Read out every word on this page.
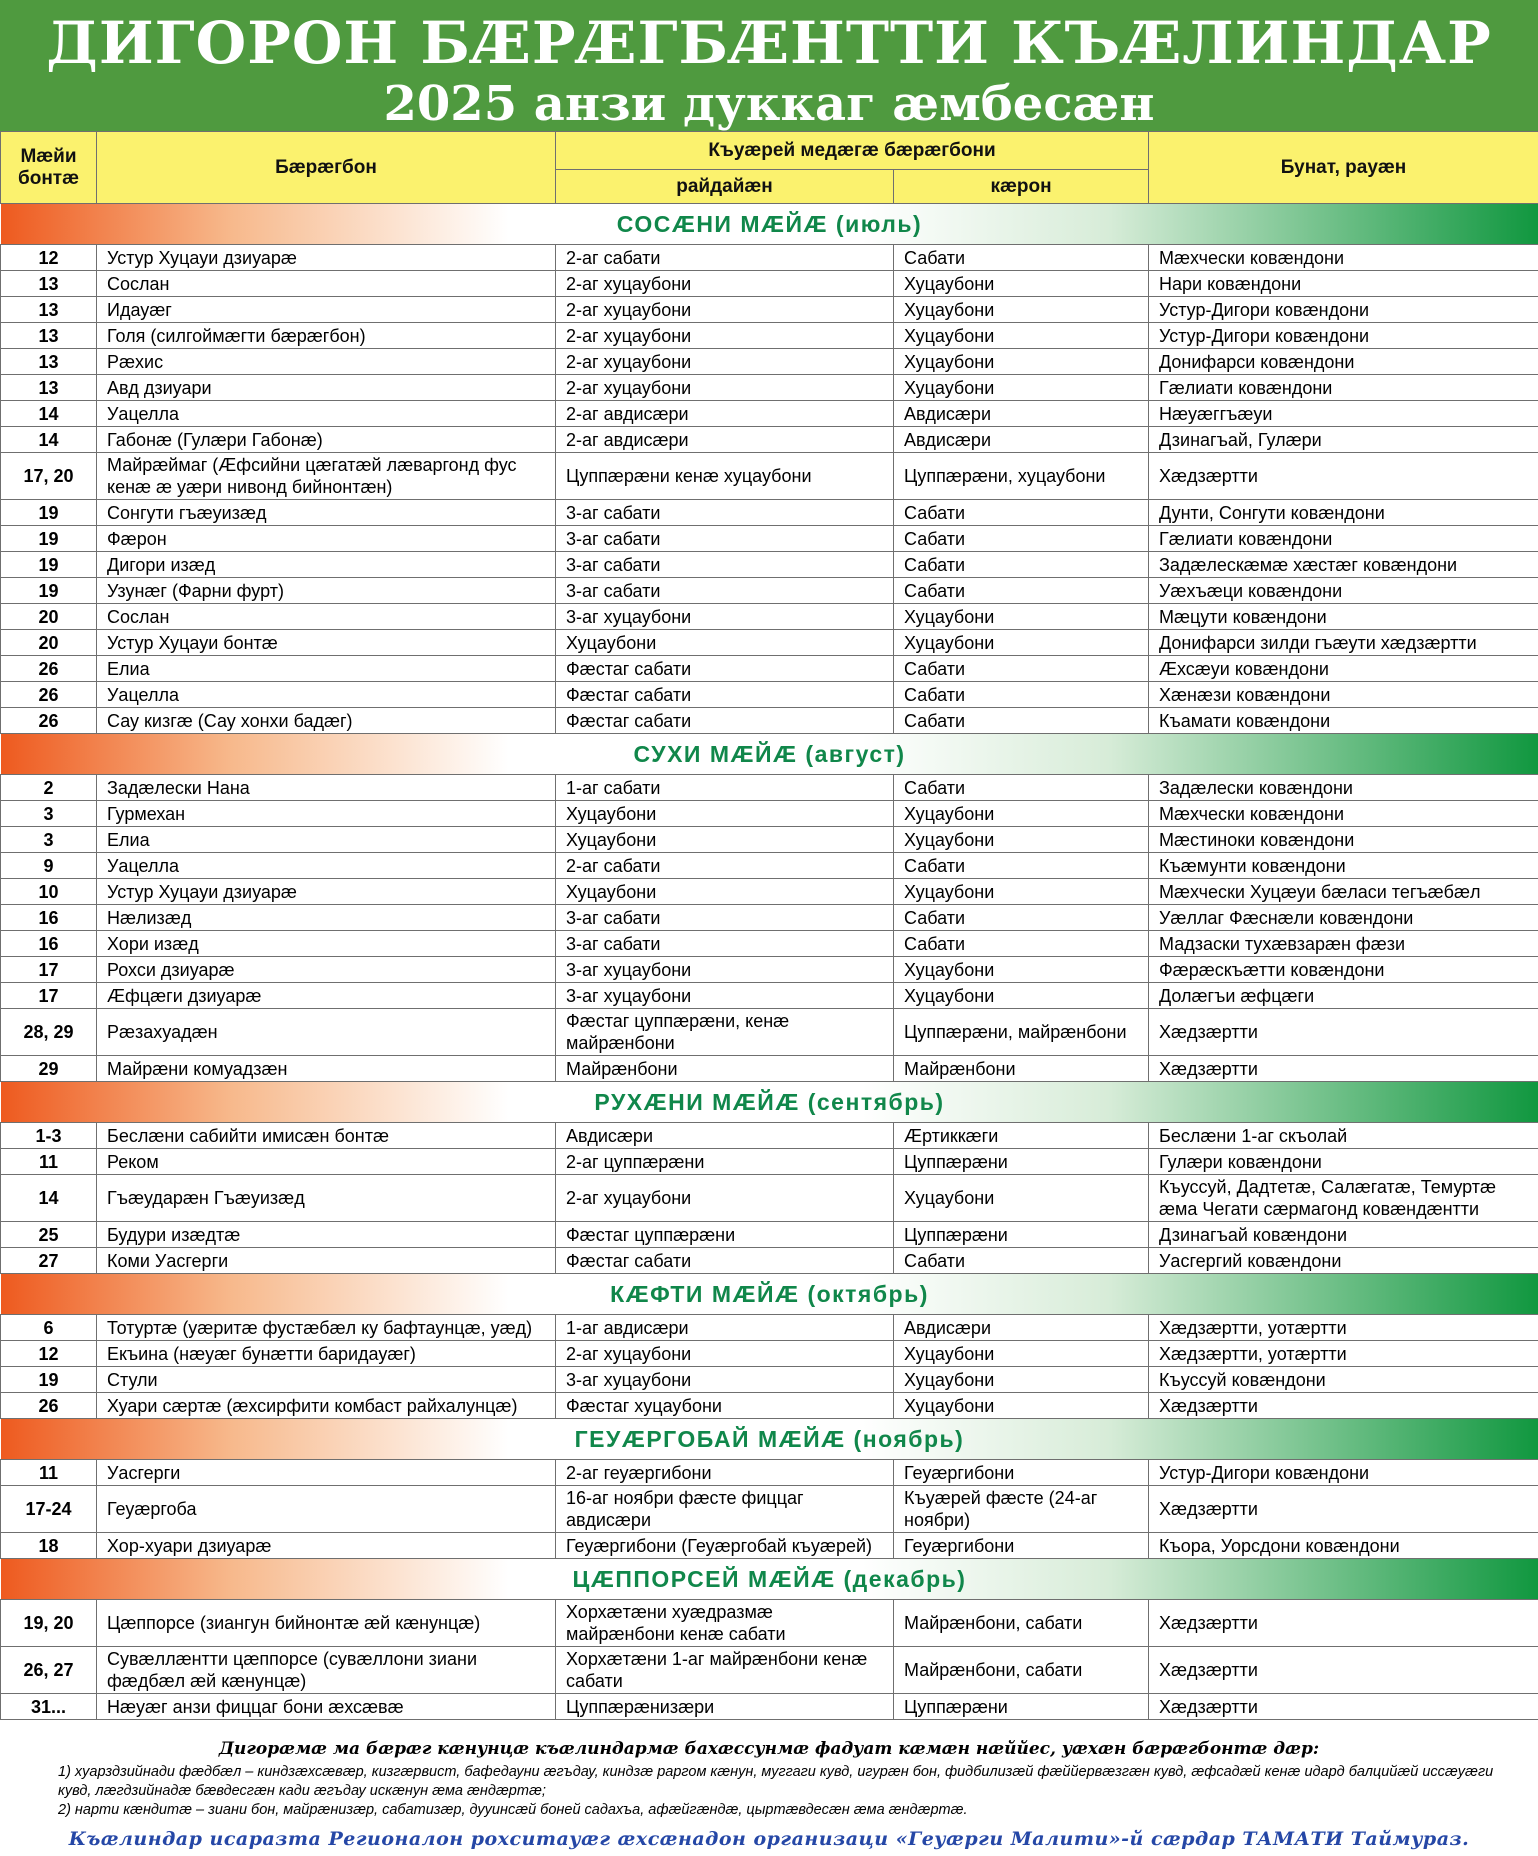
ДИГОРОН БÆРÆГБÆНТТИ КЪÆЛИНДАР
2025 анзи дуккаг æмбесæн
Мæйи бонтæ	Бæрæгбон	Къуæрей медæгæ бæрæгбони		Бунат, рауæн
		райдайæн	кæрон	

СОСÆНИ МÆЙÆ (июль)				

12	Устур Хуцауи дзиуарæ	2-аг сабати	Сабати	Мæхчески ковæндони
13	Сослан	2-аг хуцаубони	Хуцаубони	Нари ковæндони
13	Идауæг	2-аг хуцаубони	Хуцаубони	Устур-Дигори ковæндони
13	Голя (силгоймæгти бæрæгбон)	2-аг хуцаубони	Хуцаубони	Устур-Дигори ковæндони
13	Рæхис	2-аг хуцаубони	Хуцаубони	Донифарси ковæндони
13	Авд дзиуари	2-аг хуцаубони	Хуцаубони	Гæлиати ковæндони
14	Уацелла	2-аг авдисæри	Авдисæри	Нæуæггъæуи
14	Габонæ (Гулæри Габонæ)	2-аг авдисæри	Авдисæри	Дзинагъай, Гулæри
17, 20	Майрæймаг (Æфсийни цæгатæй лæваргонд фус кенæ æ уæри нивонд бийнонтæн)	Цуппæрæни кенæ хуцаубони	Цуппæрæни, хуцаубони	Хæдзæртти
19	Сонгути гъæуизæд	3-аг сабати	Сабати	Дунти, Сонгути ковæндони
19	Фæрон	3-аг сабати	Сабати	Гæлиати ковæндони
19	Дигори изæд	3-аг сабати	Сабати	Задæлескæмæ хæстæг ковæндони
19	Узунæг (Фарни фурт)	3-аг сабати	Сабати	Уæхъæци ковæндони
20	Сослан	3-аг хуцаубони	Хуцаубони	Мæцути ковæндони
20	Устур Хуцауи бонтæ	Хуцаубони	Хуцаубони	Донифарси зилди гъæути хæдзæртти
26	Елиа	Фæстаг сабати	Сабати	Æхсæуи ковæндони
26	Уацелла	Фæстаг сабати	Сабати	Хæнæзи ковæндони
26	Сау кизгæ (Сау хонхи бадæг)	Фæстаг сабати	Сабати	Къамати ковæндони

СУХИ МÆЙÆ (август)				

2	Задæлески Нана	1-аг сабати	Сабати	Задæлески ковæндони
3	Гурмехан	Хуцаубони	Хуцаубони	Мæхчески ковæндони
3	Елиа	Хуцаубони	Хуцаубони	Мæстиноки ковæндони
9	Уацелла	2-аг сабати	Сабати	Къæмунти ковæндони
10	Устур Хуцауи дзиуарæ	Хуцаубони	Хуцаубони	Мæхчески Хуцæуи бæласи тегъæбæл
16	Нæлизæд	3-аг сабати	Сабати	Уæллаг Фæснæли ковæндони
16	Хори изæд	3-аг сабати	Сабати	Мадзаски тухæвзарæн фæзи
17	Рохси дзиуарæ	3-аг хуцаубони	Хуцаубони	Фæрæскъæтти ковæндони
17	Æфцæги дзиуарæ	3-аг хуцаубони	Хуцаубони	Долæгъи æфцæги
28, 29	Рæзахуадæн	Фæстаг цуппæрæни, кенæ майрæнбони	Цуппæрæни, майрæнбони	Хæдзæртти
29	Майрæни комуадзæн	Майрæнбони	Майрæнбони	Хæдзæртти

РУХÆНИ МÆЙÆ (сентябрь)				

1-3	Беслæни сабийти имисæн бонтæ	Авдисæри	Æртиккæги	Беслæни 1-аг скъолай
11	Реком	2-аг цуппæрæни	Цуппæрæни	Гулæри ковæндони
14	Гъæударæн Гъæуизæд	2-аг хуцаубони	Хуцаубони	Къуссуй, Дадтетæ, Салæгатæ, Темуртæ æма Чегати сæрмагонд ковæндæнтти
25	Будури изæдтæ	Фæстаг цуппæрæни	Цуппæрæни	Дзинагъай ковæндони
27	Коми Уасгерги	Фæстаг сабати	Сабати	Уасгергий ковæндони

КÆФТИ МÆЙÆ (октябрь)				

6	Тотуртæ (уæритæ фустæбæл ку бафтаунцæ, уæд)	1-аг авдисæри	Авдисæри	Хæдзæртти, уотæртти
12	Екъина (нæуæг бунæтти баридауæг)	2-аг хуцаубони	Хуцаубони	Хæдзæртти, уотæртти
19	Стули	3-аг хуцаубони	Хуцаубони	Къуссуй ковæндони
26	Хуари сæртæ (æхсирфити комбаст райхалунцæ)	Фæстаг хуцаубони	Хуцаубони	Хæдзæртти

ГЕУÆРГОБАЙ МÆЙÆ (ноябрь)				

11	Уасгерги	2-аг геуæргибони	Геуæргибони	Устур-Дигори ковæндони
17-24	Геуæргоба	16-аг ноябри фæсте фиццаг авдисæри	Къуæрей фæсте (24-аг ноябри)	Хæдзæртти
18	Хор-хуари дзиуарæ	Геуæргибони (Геуæргобай къуæрей)	Геуæргибони	Къора, Уорсдони ковæндони

ЦÆППОРСЕЙ МÆЙÆ (декабрь)				

19, 20	Цæппорсе (зиангун бийнонтæ æй кæнунцæ)	Хорхæтæни хуæдразмæ майрæнбони кенæ сабати	Майрæнбони, сабати	Хæдзæртти
26, 27	Сувæллæнтти цæппорсе (сувæллони зиани фæдбæл æй кæнунцæ)	Хорхæтæни 1-аг майрæнбони кенæ сабати	Майрæнбони, сабати	Хæдзæртти
31...	Нæуæг анзи фиццаг бони æхсæвæ	Цуппæрæнизæри	Цуппæрæни	Хæдзæртти
Дигорæмæ ма бæрæг кæнунцæ къæлиндармæ бахæссунмæ фадуат кæмæн нæййес, уæхæн бæрæгбонтæ дæр:
1) хуарздзийнади фæдбæл – киндзæхсæвæр, кизгæрвист, бафедауни æгъдау, киндзæ раргом кæнун, муггаги кувд, игурæн бон, фидбилизæй фæййервæзгæн кувд, æфсадæй кенæ идард балцийæй иссæуæги кувд, лæгдзийнадæ бæвдесгæн кади æгъдау искæнун æма æндæртæ;
2) нарти кæндитæ – зиани бон, майрæнизæр, сабатизæр, дууинсæй боней садахъа, афæйгæндæ, цыртæвдесæн æма æндæртæ.
Къæлиндар исаразта Регионалон рохситауæг æхсæнадон организаци «Геуæрги Малити»-й сæрдар ТАМАТИ Таймураз.
